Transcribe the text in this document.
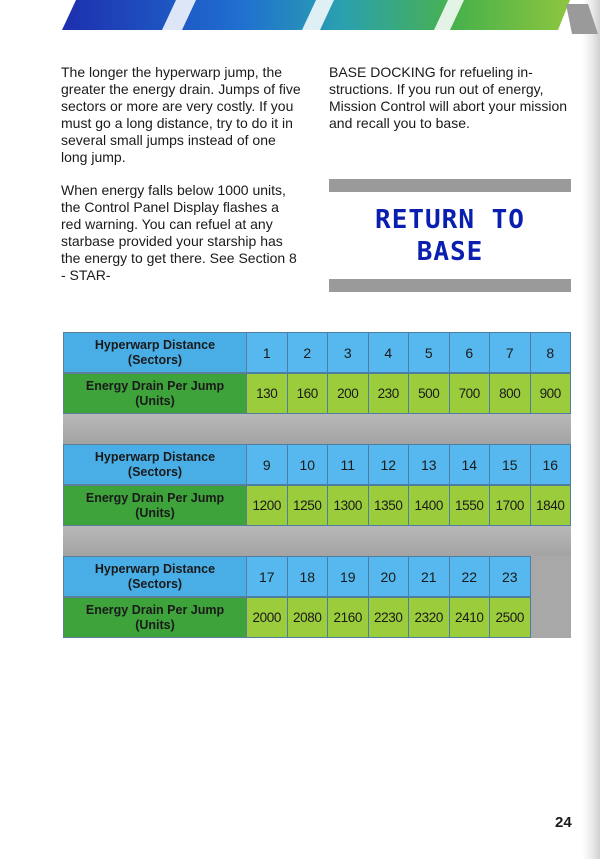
The longer the hyperwarp jump, the greater the energy drain. Jumps of five sectors or more are very costly. If you must go a long distance, try to do it in several small jumps instead of one long jump.

When energy falls below 1000 units, the Control Panel Display flashes a red warning. You can refuel at any starbase provided your starship has the energy to get there. See Section 8 - STAR-

BASE DOCKING for refueling in-structions. If you run out of energy, Mission Control will abort your mission and recall you to base.

RETURN TO
BASE
Hyperwarp Distance
(Sectors)	1	2	3	4	5	6	7	8
Energy Drain Per Jump
(Units)	130	160	200	230	500	700	800	900
Hyperwarp Distance
(Sectors)	9	10	11	12	13	14	15	16
Energy Drain Per Jump
(Units)	1200 1250 1300 1350 1400 1550 1700 1840
Hyperwarp Distance
(Sectors)	17	18	19	20	21	22	23
Energy Drain Per Jump
(Units)	2000 2080 2160 2230 2320 2410 2500
24
